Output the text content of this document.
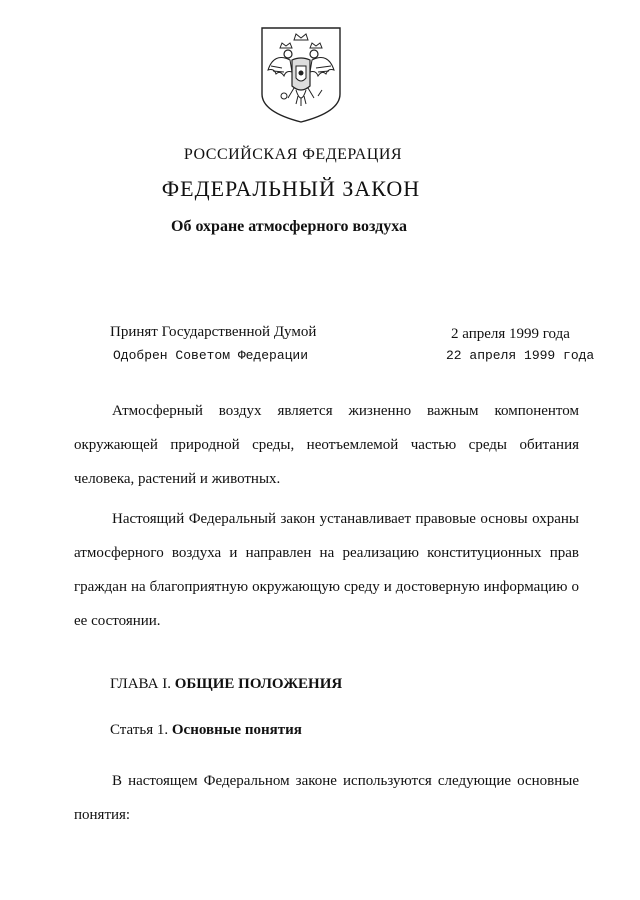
РОССИЙСКАЯ ФЕДЕРАЦИЯ
ФЕДЕРАЛЬНЫЙ ЗАКОН
Об охране атмосферного воздуха
Принят Государственной Думой	2 апреля 1999 года
Одобрен Советом Федерации	22 апреля 1999 года

Атмосферный воздух является жизненно важным компонентом окружающей природной среды, неотъемлемой частью среды обитания человека, растений и животных.

Настоящий Федеральный закон устанавливает правовые основы охраны атмосферного воздуха и направлен на реализацию конституционных прав граждан на благоприятную окружающую среду и достоверную информацию о ее состоянии.

ГЛАВА I. ОБЩИЕ ПОЛОЖЕНИЯ
Статья 1. Основные понятия

В настоящем Федеральном законе используются следующие основные понятия:
